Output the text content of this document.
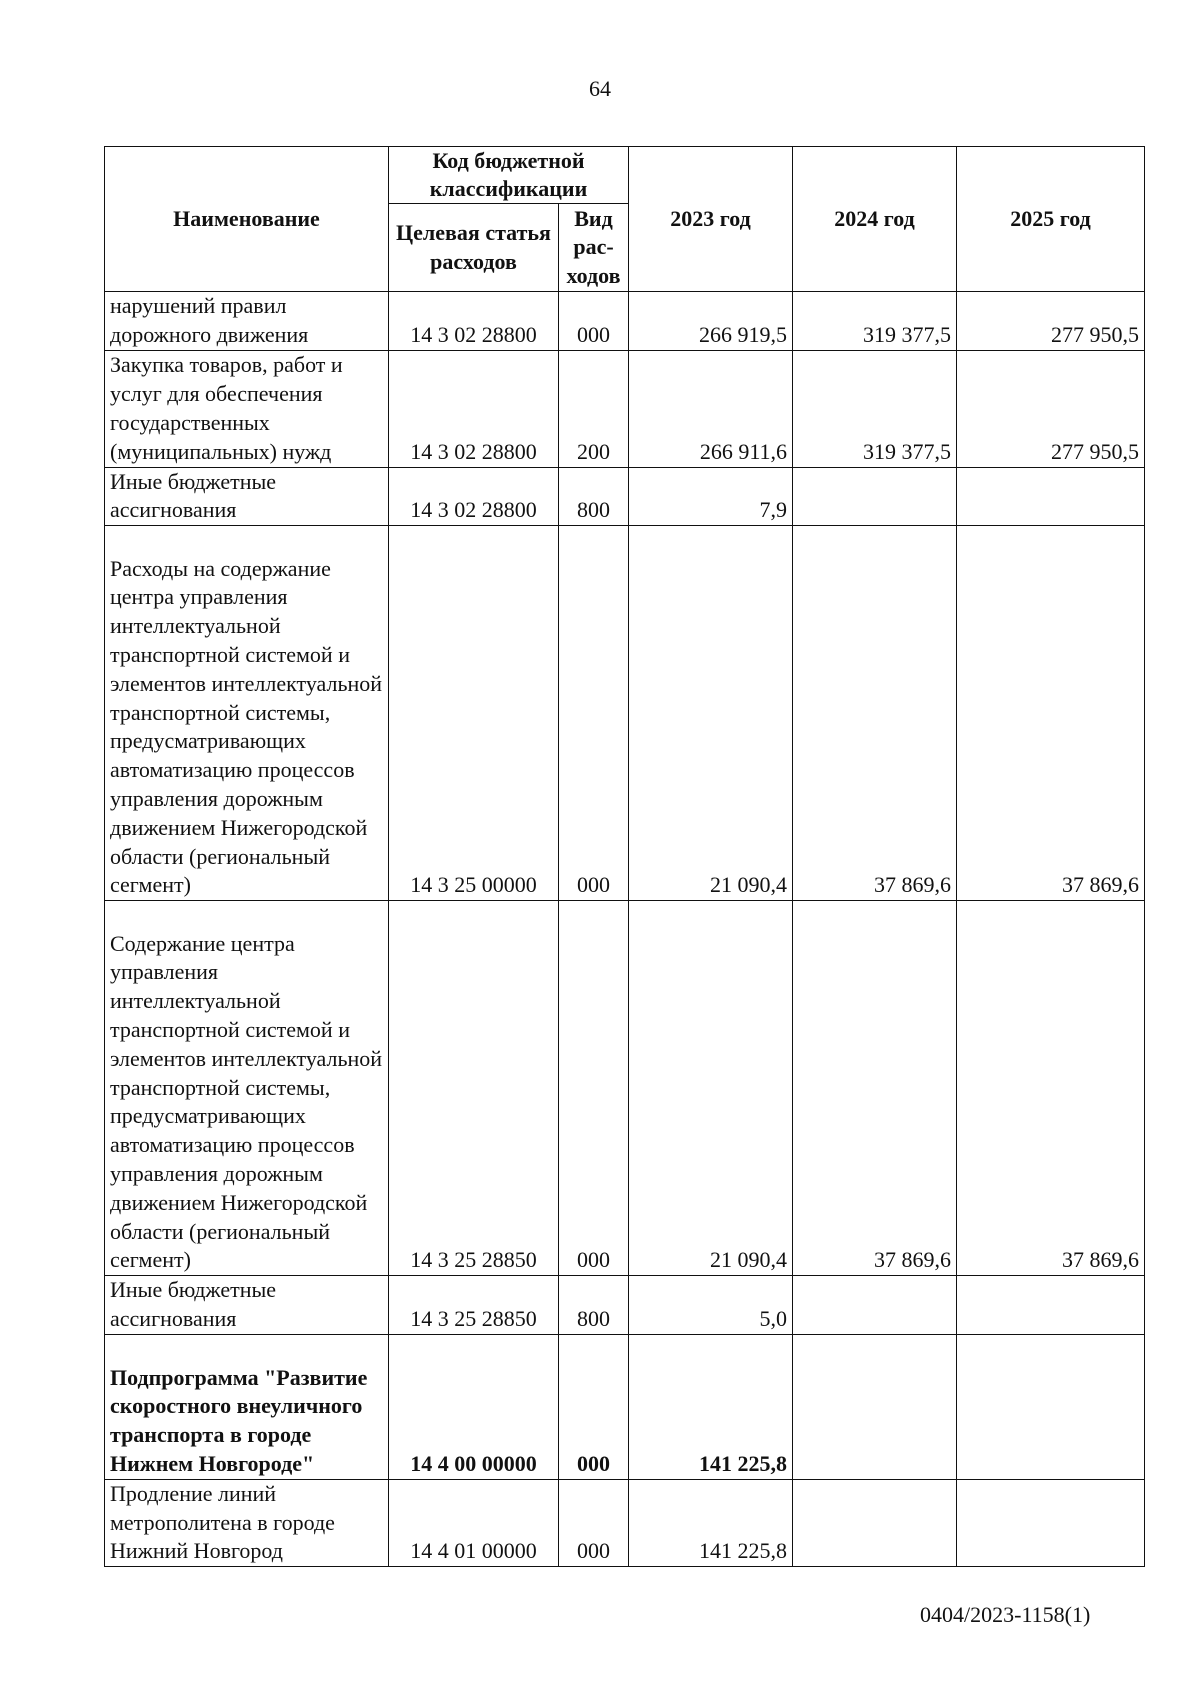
64
Наименование	Код бюджетной классификации		2023 год	2024 год	2025 год
	Целевая статья расходов	Вид рас-ходов			
нарушений правил дорожного движения	14 3 02 28800	000	266 919,5	319 377,5	277 950,5
Закупка товаров, работ и услуг для обеспечения государственных (муниципальных) нужд	14 3 02 28800	200	266 911,6	319 377,5	277 950,5
Иные бюджетные ассигнования	14 3 02 28800	800	7,9		
Расходы на содержание центра управления интеллектуальной транспортной системой и элементов интеллектуальной транспортной системы, предусматривающих автоматизацию процессов управления дорожным движением Нижегородской области (региональный сегмент)	14 3 25 00000	000	21 090,4	37 869,6	37 869,6
Содержание центра управления интеллектуальной транспортной системой и элементов интеллектуальной транспортной системы, предусматривающих автоматизацию процессов управления дорожным движением Нижегородской области (региональный сегмент)	14 3 25 28850	000	21 090,4	37 869,6	37 869,6
Иные бюджетные ассигнования	14 3 25 28850	800	5,0		
Подпрограмма "Развитие скоростного внеуличного транспорта в городе Нижнем Новгороде"	14 4 00 00000	000	141 225,8		
Продление линий метрополитена в городе Нижний Новгород	14 4 01 00000	000	141 225,8		
0404/2023-1158(1)
